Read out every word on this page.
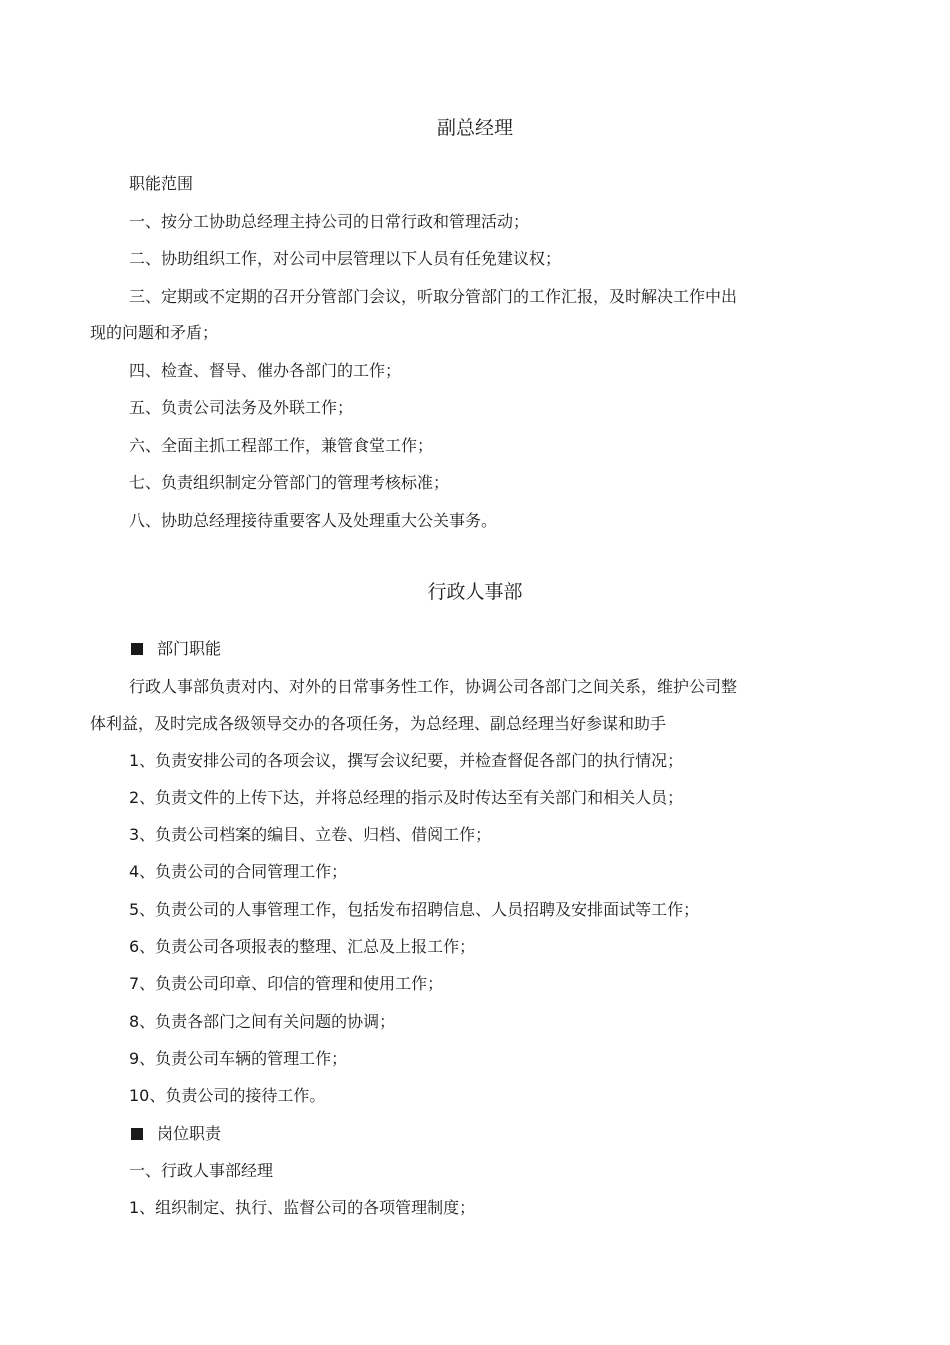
副总经理
职能范围
一、按分工协助总经理主持公司的日常行政和管理活动；
二、协助组织工作，对公司中层管理以下人员有任免建议权；
三、定期或不定期的召开分管部门会议，听取分管部门的工作汇报，及时解决工作中出
现的问题和矛盾；
四、检查、督导、催办各部门的工作；
五、负责公司法务及外联工作；
六、全面主抓工程部工作，兼管食堂工作；
七、负责组织制定分管部门的管理考核标准；
八、协助总经理接待重要客人及处理重大公关事务。
行政人事部
部门职能
行政人事部负责对内、对外的日常事务性工作，协调公司各部门之间关系，维护公司整
体利益，及时完成各级领导交办的各项任务，为总经理、副总经理当好参谋和助手
1、负责安排公司的各项会议，撰写会议纪要，并检查督促各部门的执行情况；
2、负责文件的上传下达，并将总经理的指示及时传达至有关部门和相关人员；
3、负责公司档案的编目、立卷、归档、借阅工作；
4、负责公司的合同管理工作；
5、负责公司的人事管理工作，包括发布招聘信息、人员招聘及安排面试等工作；
6、负责公司各项报表的整理、汇总及上报工作；
7、负责公司印章、印信的管理和使用工作；
8、负责各部门之间有关问题的协调；
9、负责公司车辆的管理工作；
10、负责公司的接待工作。
岗位职责
一、行政人事部经理
1、组织制定、执行、监督公司的各项管理制度；
